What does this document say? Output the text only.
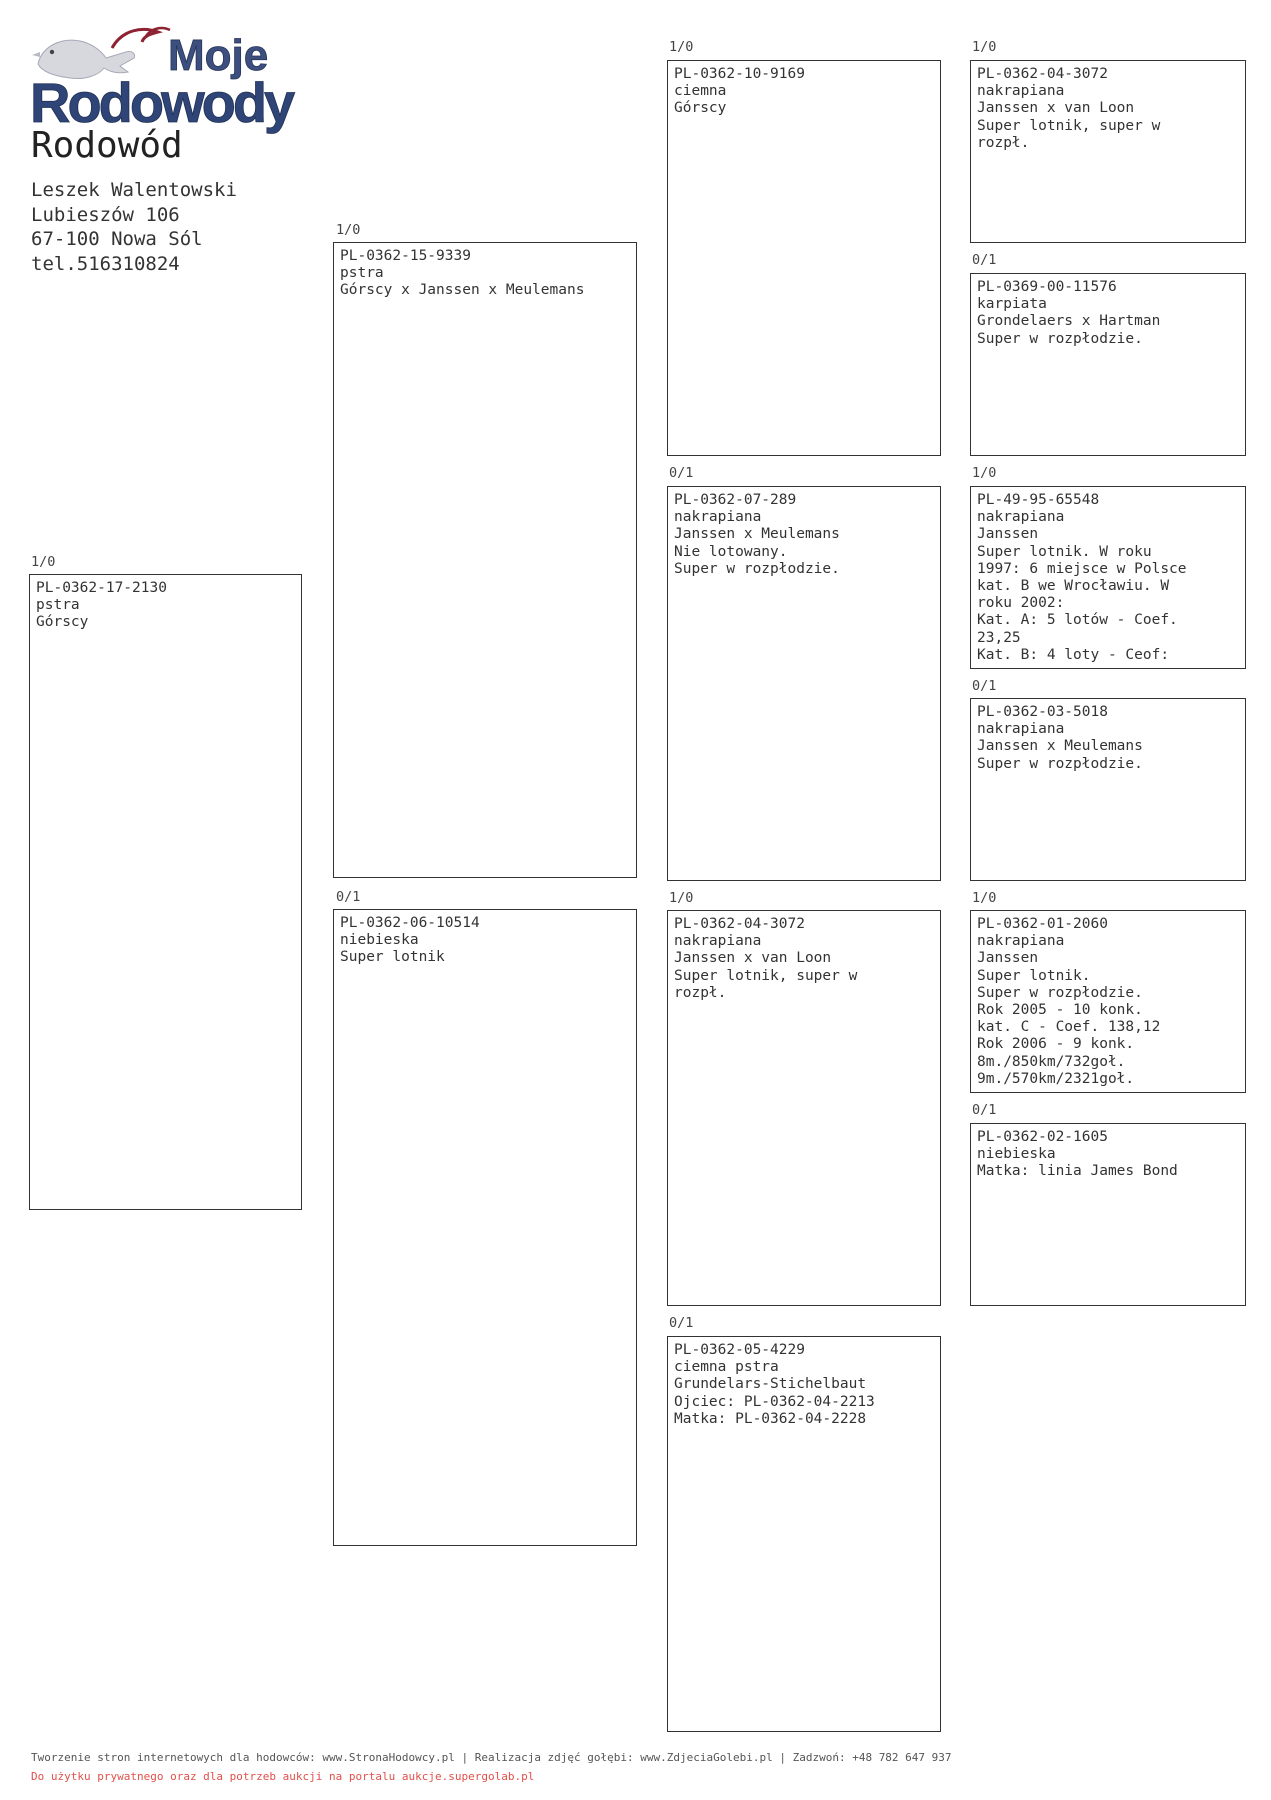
Moje
Rodowody
Rodowód
Leszek Walentowski
Lubieszów 106
67-100 Nowa Sól
tel.516310824
1/0
PL-0362-17-2130
pstra
Górscy
1/0
PL-0362-15-9339
pstra
Górscy x Janssen x Meulemans
0/1
PL-0362-06-10514
niebieska
Super lotnik
1/0
PL-0362-10-9169
ciemna
Górscy
0/1
PL-0362-07-289
nakrapiana
Janssen x Meulemans
Nie lotowany.
Super w rozpłodzie.
1/0
PL-0362-04-3072
nakrapiana
Janssen x van Loon
Super lotnik, super w
rozpł.
0/1
PL-0362-05-4229
ciemna pstra
Grundelars-Stichelbaut
Ojciec: PL-0362-04-2213
Matka: PL-0362-04-2228
1/0
PL-0362-04-3072
nakrapiana
Janssen x van Loon
Super lotnik, super w
rozpł.
0/1
PL-0369-00-11576
karpiata
Grondelaers x Hartman
Super w rozpłodzie.
1/0
PL-49-95-65548
nakrapiana
Janssen
Super lotnik. W roku
1997: 6 miejsce w Polsce
kat. B we Wrocławiu. W
roku 2002:
Kat. A: 5 lotów - Coef.
23,25
Kat. B: 4 loty - Ceof:
0/1
PL-0362-03-5018
nakrapiana
Janssen x Meulemans
Super w rozpłodzie.
1/0
PL-0362-01-2060
nakrapiana
Janssen
Super lotnik.
Super w rozpłodzie.
Rok 2005 - 10 konk.
kat. C - Coef. 138,12
Rok 2006 - 9 konk.
8m./850km/732goł.
9m./570km/2321goł.
0/1
PL-0362-02-1605
niebieska
Matka: linia James Bond
Tworzenie stron internetowych dla hodowców: www.StronaHodowcy.pl | Realizacja zdjęć gołębi: www.ZdjeciaGolebi.pl | Zadzwoń: +48 782 647 937
Do użytku prywatnego oraz dla potrzeb aukcji na portalu aukcje.supergolab.pl
